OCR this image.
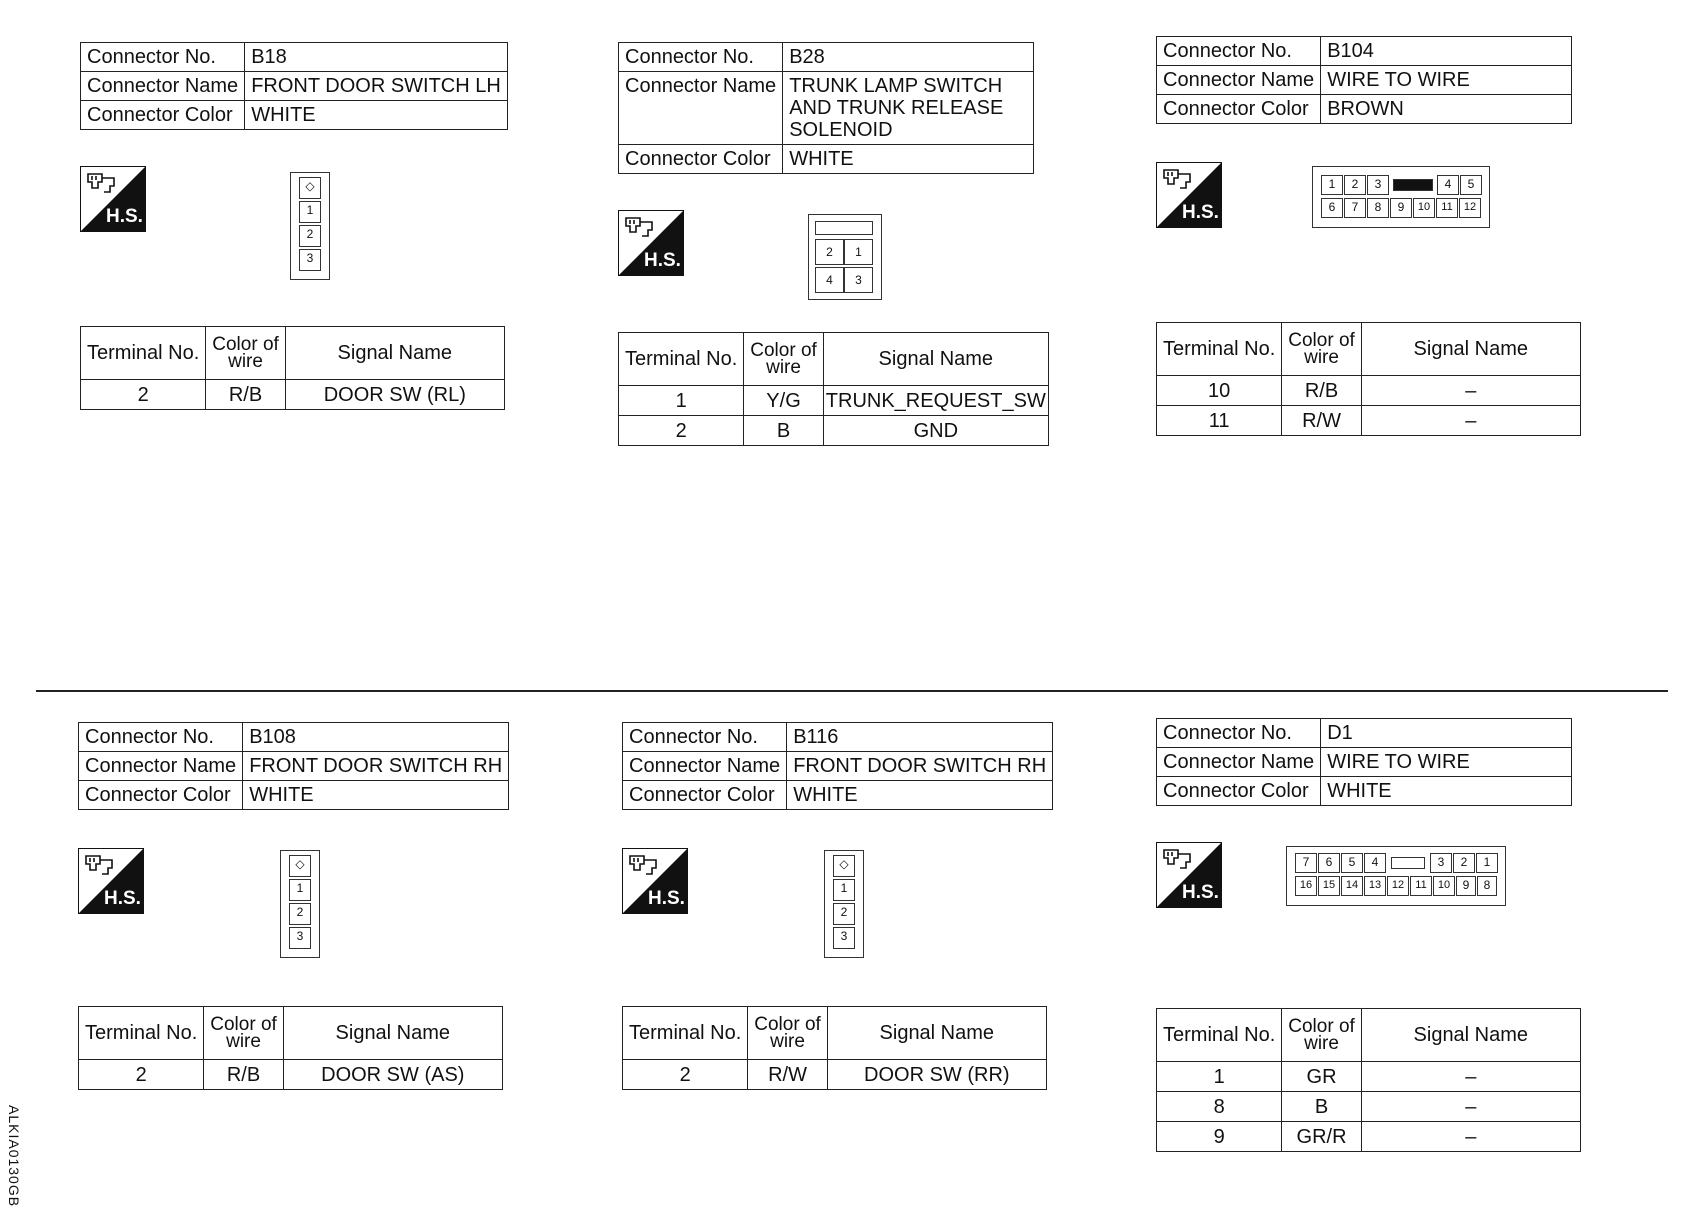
Connector No.	B18
Connector Name	FRONT DOOR SWITCH LH
Connector Color	WHITE
H.S.
◇
1
2
3
Terminal No.	Color of
wire	Signal Name
2	R/B	DOOR SW (RL)
Connector No.	B28
Connector Name	TRUNK LAMP SWITCH
AND TRUNK RELEASE
SOLENOID
Connector Color	WHITE
H.S.	2	1
4	3
Terminal No.	Color of
wire	Signal Name
1	Y/G	TRUNK_REQUEST_SW
2	B	GND
Connector No.	B104
Connector Name	WIRE TO WIRE
Connector Color	BROWN
H.S.
1	2	3	4	5
6	7	8	9	10	11	12
Terminal No.	Color of
wire	Signal Name
10	R/B	–
11	R/W	–
Connector No.	B108
Connector Name	FRONT DOOR SWITCH RH
Connector Color	WHITE
H.S.
◇
1
2
3
Terminal No.	Color of
wire	Signal Name
2	R/B	DOOR SW (AS)
Connector No.	B116
Connector Name	FRONT DOOR SWITCH RH
Connector Color	WHITE
H.S.
◇
1
2
3
Terminal No.	Color of
wire	Signal Name
2	R/W	DOOR SW (RR)
Connector No.	D1
Connector Name	WIRE TO WIRE
Connector Color	WHITE
H.S.
7	6	5	4	3	2	1
16 15 14 13 12	11	10	9	8
Terminal No.	Color of
wire	Signal Name
1	GR	–
8	B	–
9	GR/R	–
ALKIA0130GB
